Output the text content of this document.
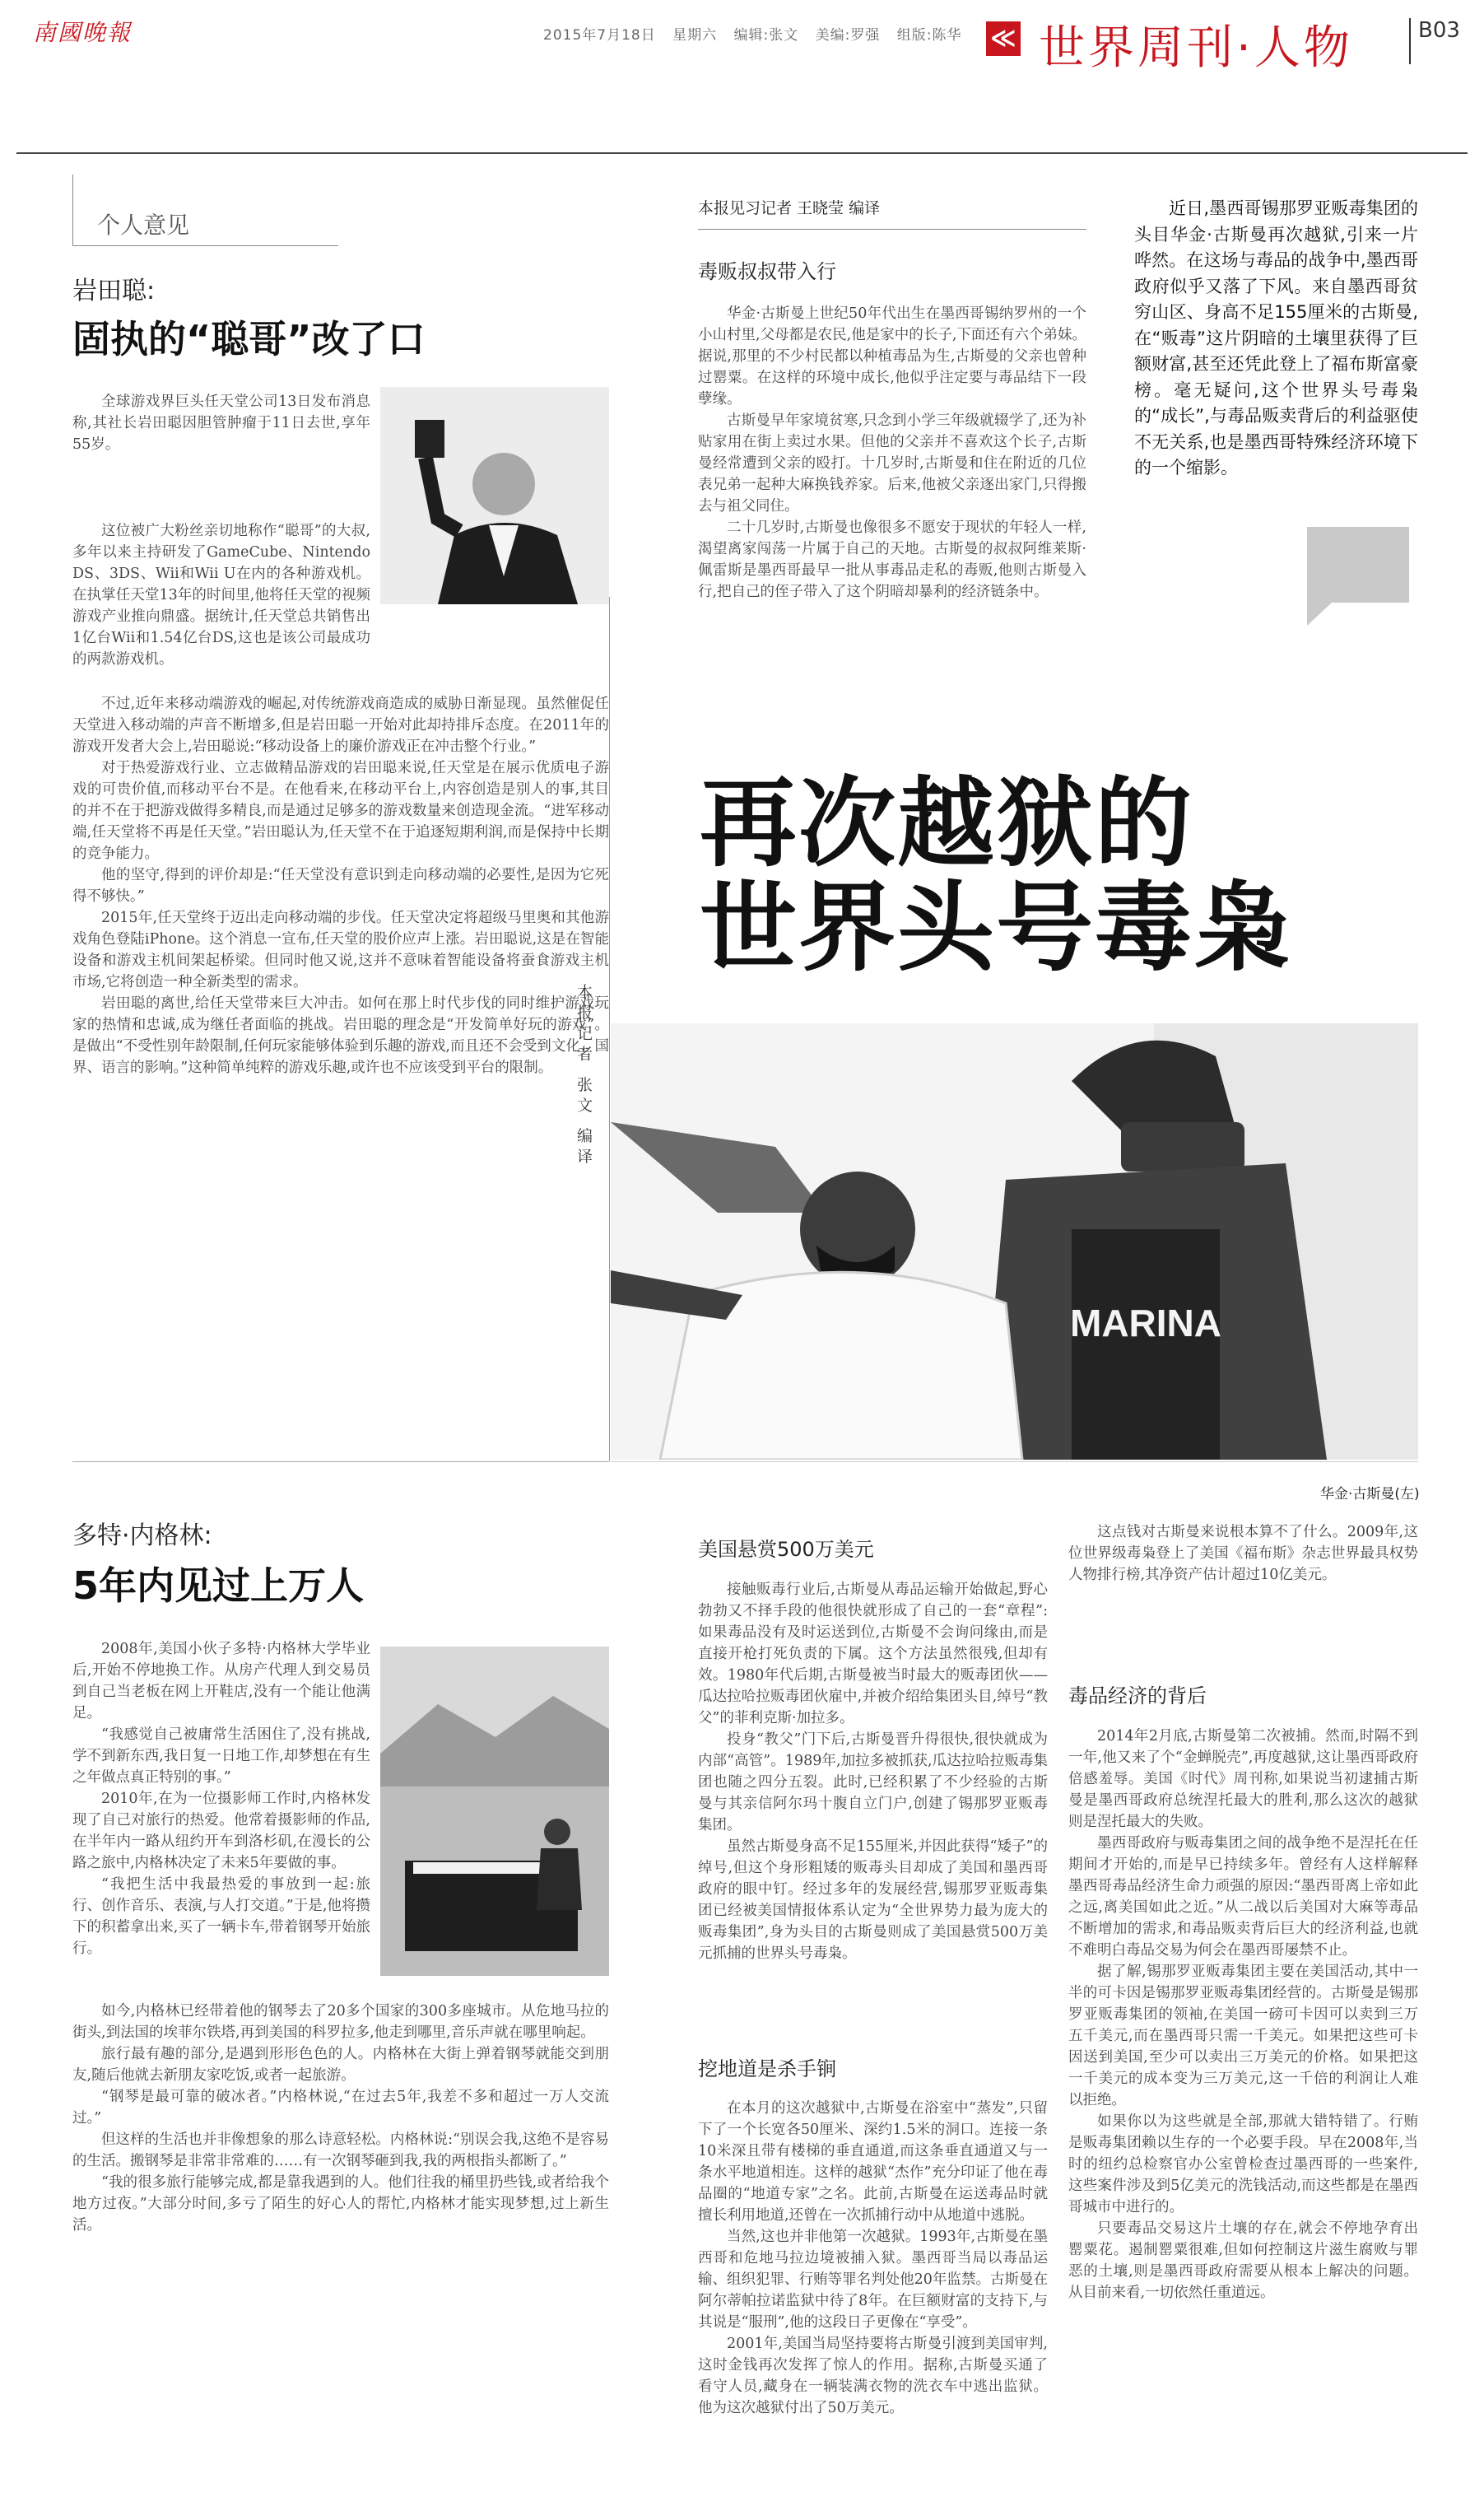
南國晚報	2015年7月18日 星期六 编辑:张文 美编:罗强 组版:陈华 ≪ 世界周刊·人物	B03
个人意见
岩田聪:
固执的“聪哥”改了口

全球游戏界巨头任天堂公司13日发布消息称,其社长岩田聪因胆管肿瘤于11日去世,享年55岁。

这位被广大粉丝亲切地称作“聪哥”的大叔,多年以来主持研发了GameCube、Nintendo DS、3DS、Wii和Wii U在内的各种游戏机。在执掌任天堂13年的时间里,他将任天堂的视频游戏产业推向鼎盛。据统计,任天堂总共销售出1亿台Wii和1.54亿台DS,这也是该公司最成功的两款游戏机。

不过,近年来移动端游戏的崛起,对传统游戏商造成的威胁日渐显现。虽然催促任天堂进入移动端的声音不断增多,但是岩田聪一开始对此却持排斥态度。在2011年的游戏开发者大会上,岩田聪说:“移动设备上的廉价游戏正在冲击整个行业。”

对于热爱游戏行业、立志做精品游戏的岩田聪来说,任天堂是在展示优质电子游戏的可贵价值,而移动平台不是。在他看来,在移动平台上,内容创造是别人的事,其目的并不在于把游戏做得多精良,而是通过足够多的游戏数量来创造现金流。“进军移动端,任天堂将不再是任天堂。”岩田聪认为,任天堂不在于追逐短期利润,而是保持中长期的竞争能力。

他的坚守,得到的评价却是:“任天堂没有意识到走向移动端的必要性,是因为它死得不够快。”

2015年,任天堂终于迈出走向移动端的步伐。任天堂决定将超级马里奥和其他游戏角色登陆iPhone。这个消息一宣布,任天堂的股价应声上涨。岩田聪说,这是在智能设备和游戏主机间架起桥梁。但同时他又说,这并不意味着智能设备将蚕食游戏主机市场,它将创造一种全新类型的需求。

岩田聪的离世,给任天堂带来巨大冲击。如何在那上时代步伐的同时维护游戏玩家的热情和忠诚,成为继任者面临的挑战。岩田聪的理念是“开发简单好玩的游戏”。是做出“不受性别年龄限制,任何玩家能够体验到乐趣的游戏,而且还不会受到文化、国界、语言的影响。”这种简单纯粹的游戏乐趣,或许也不应该受到平台的限制。	本报记者 张文 编译
多特·内格林:
5年内见过上万人

2008年,美国小伙子多特·内格林大学毕业后,开始不停地换工作。从房产代理人到交易员到自己当老板在网上开鞋店,没有一个能让他满足。

“我感觉自己被庸常生活困住了,没有挑战,学不到新东西,我日复一日地工作,却梦想在有生之年做点真正特别的事。”

2010年,在为一位摄影师工作时,内格林发现了自己对旅行的热爱。他常着摄影师的作品,在半年内一路从纽约开车到洛杉矶,在漫长的公路之旅中,内格林决定了未来5年要做的事。

“我把生活中我最热爱的事放到一起:旅行、创作音乐、表演,与人打交道。”于是,他将攒下的积蓄拿出来,买了一辆卡车,带着钢琴开始旅行。

如今,内格林已经带着他的钢琴去了20多个国家的300多座城市。从危地马拉的街头,到法国的埃菲尔铁塔,再到美国的科罗拉多,他走到哪里,音乐声就在哪里响起。

旅行最有趣的部分,是遇到形形色色的人。内格林在大街上弹着钢琴就能交到朋友,随后他就去新朋友家吃饭,或者一起旅游。

“钢琴是最可靠的破冰者。”内格林说,“在过去5年,我差不多和超过一万人交流过。”

但这样的生活也并非像想象的那么诗意轻松。内格林说:“别误会我,这绝不是容易的生活。搬钢琴是非常非常难的……有一次钢琴砸到我,我的两根指头都断了。”

“我的很多旅行能够完成,都是靠我遇到的人。他们往我的桶里扔些钱,或者给我个地方过夜。”大部分时间,多亏了陌生的好心人的帮忙,内格林才能实现梦想,过上新生活。

本报见习记者 王晓莹 编译
毒贩叔叔带入行

华金·古斯曼上世纪50年代出生在墨西哥锡纳罗州的一个小山村里,父母都是农民,他是家中的长子,下面还有六个弟妹。据说,那里的不少村民都以种植毒品为生,古斯曼的父亲也曾种过罂粟。在这样的环境中成长,他似乎注定要与毒品结下一段孽缘。

古斯曼早年家境贫寒,只念到小学三年级就辍学了,还为补贴家用在街上卖过水果。但他的父亲并不喜欢这个长子,古斯曼经常遭到父亲的殴打。十几岁时,古斯曼和住在附近的几位表兄弟一起种大麻换钱养家。后来,他被父亲逐出家门,只得搬去与祖父同住。

二十几岁时,古斯曼也像很多不愿安于现状的年轻人一样,渴望离家闯荡一片属于自己的天地。古斯曼的叔叔阿维莱斯·佩雷斯是墨西哥最早一批从事毒品走私的毒贩,他则古斯曼入行,把自己的侄子带入了这个阴暗却暴利的经济链条中。

近日,墨西哥锡那罗亚贩毒集团的头目华金·古斯曼再次越狱,引来一片哗然。在这场与毒品的战争中,墨西哥政府似乎又落了下风。来自墨西哥贫穷山区、身高不足155厘米的古斯曼,在“贩毒”这片阴暗的土壤里获得了巨额财富,甚至还凭此登上了福布斯富豪榜。毫无疑问,这个世界头号毒枭的“成长”,与毒品贩卖背后的利益驱使不无关系,也是墨西哥特殊经济环境下的一个缩影。
再次越狱的
世界头号毒枭
MARINA
华金·古斯曼(左)
美国悬赏500万美元

接触贩毒行业后,古斯曼从毒品运输开始做起,野心勃勃又不择手段的他很快就形成了自己的一套“章程”:如果毒品没有及时运送到位,古斯曼不会询问缘由,而是直接开枪打死负责的下属。这个方法虽然很残,但却有效。1980年代后期,古斯曼被当时最大的贩毒团伙——瓜达拉哈拉贩毒团伙雇中,并被介绍给集团头目,绰号“教父”的菲利克斯·加拉多。

投身“教父”门下后,古斯曼晋升得很快,很快就成为内部“高管”。1989年,加拉多被抓获,瓜达拉哈拉贩毒集团也随之四分五裂。此时,已经积累了不少经验的古斯曼与其亲信阿尔玛十腹自立门户,创建了锡那罗亚贩毒集团。

虽然古斯曼身高不足155厘米,并因此获得“矮子”的绰号,但这个身形粗矮的贩毒头目却成了美国和墨西哥政府的眼中钉。经过多年的发展经营,锡那罗亚贩毒集团已经被美国情报体系认定为“全世界势力最为庞大的贩毒集团”,身为头目的古斯曼则成了美国悬赏500万美元抓捕的世界头号毒枭。

挖地道是杀手锏

在本月的这次越狱中,古斯曼在浴室中“蒸发”,只留下了一个长宽各50厘米、深约1.5米的洞口。连接一条10米深且带有楼梯的垂直通道,而这条垂直通道又与一条水平地道相连。这样的越狱“杰作”充分印证了他在毒品圈的“地道专家”之名。此前,古斯曼在运送毒品时就擅长利用地道,还曾在一次抓捕行动中从地道中逃脱。

当然,这也并非他第一次越狱。1993年,古斯曼在墨西哥和危地马拉边境被捕入狱。墨西哥当局以毒品运输、组织犯罪、行贿等罪名判处他20年监禁。古斯曼在阿尔蒂帕拉诺监狱中待了8年。在巨额财富的支持下,与其说是“服刑”,他的这段日子更像在“享受”。

2001年,美国当局坚持要将古斯曼引渡到美国审判,这时金钱再次发挥了惊人的作用。据称,古斯曼买通了看守人员,藏身在一辆装满衣物的洗衣车中逃出监狱。他为这次越狱付出了50万美元。

这点钱对古斯曼来说根本算不了什么。2009年,这位世界级毒枭登上了美国《福布斯》杂志世界最具权势人物排行榜,其净资产估计超过10亿美元。

毒品经济的背后

2014年2月底,古斯曼第二次被捕。然而,时隔不到一年,他又来了个“金蝉脱壳”,再度越狱,这让墨西哥政府倍感羞辱。美国《时代》周刊称,如果说当初逮捕古斯曼是墨西哥政府总统涅托最大的胜利,那么这次的越狱则是涅托最大的失败。

墨西哥政府与贩毒集团之间的战争绝不是涅托在任期间才开始的,而是早已持续多年。曾经有人这样解释墨西哥毒品经济生命力顽强的原因:“墨西哥离上帝如此之远,离美国如此之近。”从二战以后美国对大麻等毒品不断增加的需求,和毒品贩卖背后巨大的经济利益,也就不难明白毒品交易为何会在墨西哥屡禁不止。

据了解,锡那罗亚贩毒集团主要在美国活动,其中一半的可卡因是锡那罗亚贩毒集团经营的。古斯曼是锡那罗亚贩毒集团的领袖,在美国一磅可卡因可以卖到三万五千美元,而在墨西哥只需一千美元。如果把这些可卡因送到美国,至少可以卖出三万美元的价格。如果把这一千美元的成本变为三万美元,这一千倍的利润让人难以拒绝。

如果你以为这些就是全部,那就大错特错了。行贿是贩毒集团赖以生存的一个必要手段。早在2008年,当时的纽约总检察官办公室曾检查过墨西哥的一些案件,这些案件涉及到5亿美元的洗钱活动,而这些都是在墨西哥城市中进行的。

只要毒品交易这片土壤的存在,就会不停地孕育出罂粟花。遏制罂粟很难,但如何控制这片滋生腐败与罪恶的土壤,则是墨西哥政府需要从根本上解决的问题。从目前来看,一切依然任重道远。
